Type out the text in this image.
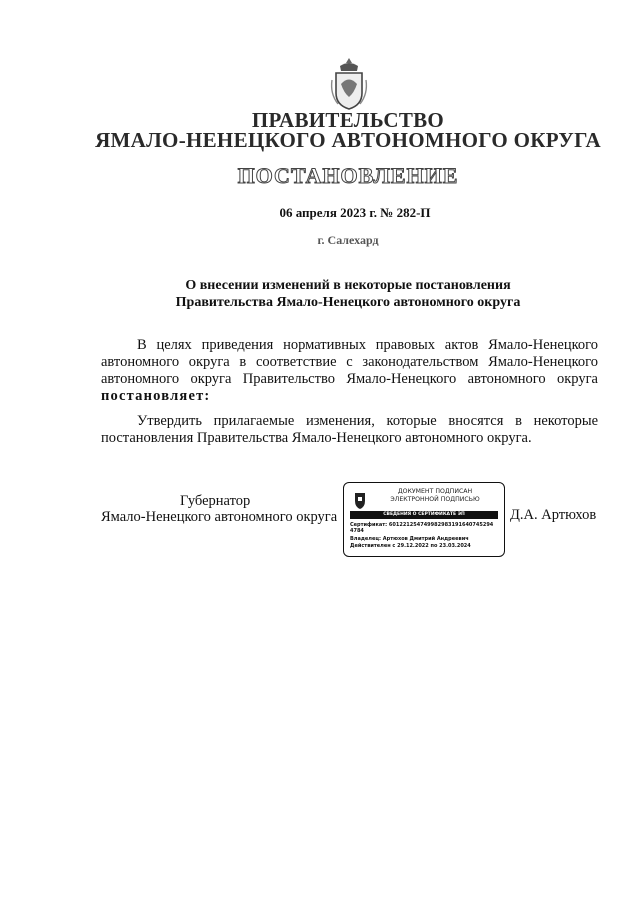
ПРАВИТЕЛЬСТВО
ЯМАЛО-НЕНЕЦКОГО АВТОНОМНОГО ОКРУГА
ПОСТАНОВЛЕНИЕ
06 апреля 2023 г. № 282-П
г. Салехард
О внесении изменений в некоторые постановления
Правительства Ямало-Ненецкого автономного округа
В целях приведения нормативных правовых актов Ямало-Ненецкого автономного округа в соответствие с законодательством Ямало-Ненецкого автономного округа Правительство Ямало-Ненецкого автономного округа постановляет:
Утвердить прилагаемые изменения, которые вносятся в некоторые постановления Правительства Ямало-Ненецкого автономного округа.
Губернатор
Ямало-Ненецкого автономного округа
ДОКУМЕНТ ПОДПИСАН
ЭЛЕКТРОННОЙ ПОДПИСЬЮ
СВЕДЕНИЯ О СЕРТИФИКАТЕ ЭП
Сертификат: 601221254749982983191640745294
4784
Владелец: Артюхов Дмитрий Андреевич
Действителен с 29.12.2022 по 23.03.2024
Д.А. Артюхов
